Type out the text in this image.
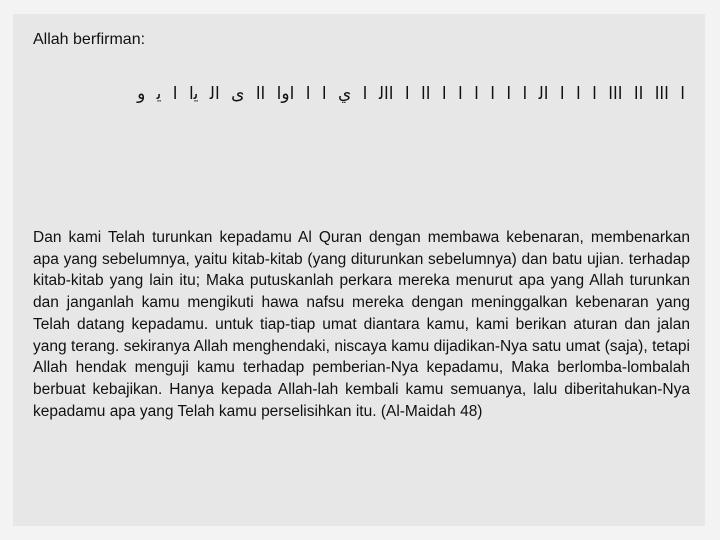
Allah berfirman:

ﺍ ﺍﺍﺍ ﺍﺍ ﺍﺍﺍ ﺍ ﺍ ﺍ ﺍﻟ ﺍ ﺍ ﺍ ﺍ ﺍ ﺍ ﺍﺍ ﺍ ﺍﺍﻟ ﺍ ﻱ ﺍ ﺍ ﺍﻭﺍ ﺍﺍ ﻯ ﺍﻟ ﻳﺍ ﺍ ﻳ ﻭ

Dan kami Telah turunkan kepadamu Al Quran dengan membawa kebenaran, membenarkan apa yang sebelumnya, yaitu kitab-kitab (yang diturunkan sebelumnya) dan batu ujian. terhadap kitab-kitab yang lain itu; Maka putuskanlah perkara mereka menurut apa yang Allah turunkan dan janganlah kamu mengikuti hawa nafsu mereka dengan meninggalkan kebenaran yang Telah datang kepadamu. untuk tiap-tiap umat diantara kamu, kami berikan aturan dan jalan yang terang. sekiranya Allah menghendaki, niscaya kamu dijadikan-Nya satu umat (saja), tetapi Allah hendak menguji kamu terhadap pemberian-Nya kepadamu, Maka berlomba-lombalah berbuat kebajikan. Hanya kepada Allah-lah kembali kamu semuanya, lalu diberitahukan-Nya kepadamu apa yang Telah kamu perselisihkan itu. (Al-Maidah 48)
